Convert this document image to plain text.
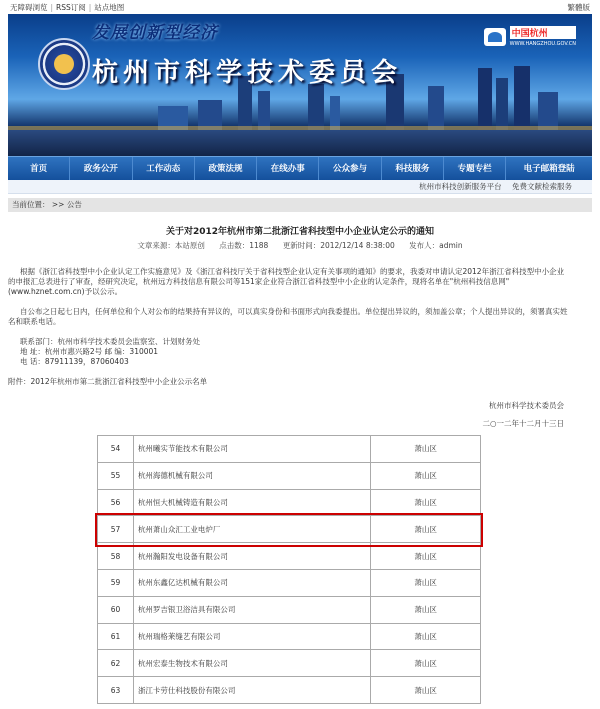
无障碍浏览 | RSS订阅 | 站点地图	繁體版
发展创新型经济
杭州市科学技术委员会
中国杭州
WWW.HANGZHOU.GOV.CN
首页	政务公开	工作动态	政策法规	在线办事	公众参与	科技服务	专题专栏	电子邮箱登陆
杭州市科技创新服务平台 免费文献检索服务
当前位置： >> 公告
关于对2012年杭州市第二批浙江省科技型中小企业认定公示的通知
文章来源：本站原创 点击数：1188 更新时间：2012/12/14 8:38:00 发布人：admin

根据《浙江省科技型中小企业认定工作实施意见》及《浙江省科技厅关于省科技型企业认定有关事项的通知》的要求，我委对申请认定2012年浙江省科技型中小企业的申报汇总表进行了审查，经研究决定，杭州远方科技信息有限公司等151家企业符合浙江省科技型中小企业的认定条件，现将名单在"杭州科技信息网"(www.hznet.com.cn)予以公示。

自公布之日起七日内，任何单位和个人对公布的结果持有异议的，可以真实身份和书面形式向我委提出。单位提出异议的，须加盖公章；个人提出异议的，须署真实姓名和联系电话。

联系部门：杭州市科学技术委员会监察室、计划财务处
地 址：杭州市惠兴路2号 邮 编：310001
电 话：87911139，87060403
附件：2012年杭州市第二批浙江省科技型中小企业公示名单
杭州市科学技术委员会
二○一二年十二月十三日
54	杭州曦实节能技术有限公司	萧山区
55	杭州海德机械有限公司	萧山区
56	杭州恒大机械铸造有限公司	萧山区
57	杭州萧山众汇工业电炉厂	萧山区
58	杭州瀚阳发电设备有限公司	萧山区
59	杭州东鑫亿达机械有限公司	萧山区
60	杭州罗吉银卫浴洁具有限公司	萧山区
61	杭州瑞格莱缝艺有限公司	萧山区
62	杭州宏泰生物技术有限公司	萧山区
63	浙江卡劳仕科技股份有限公司	萧山区
